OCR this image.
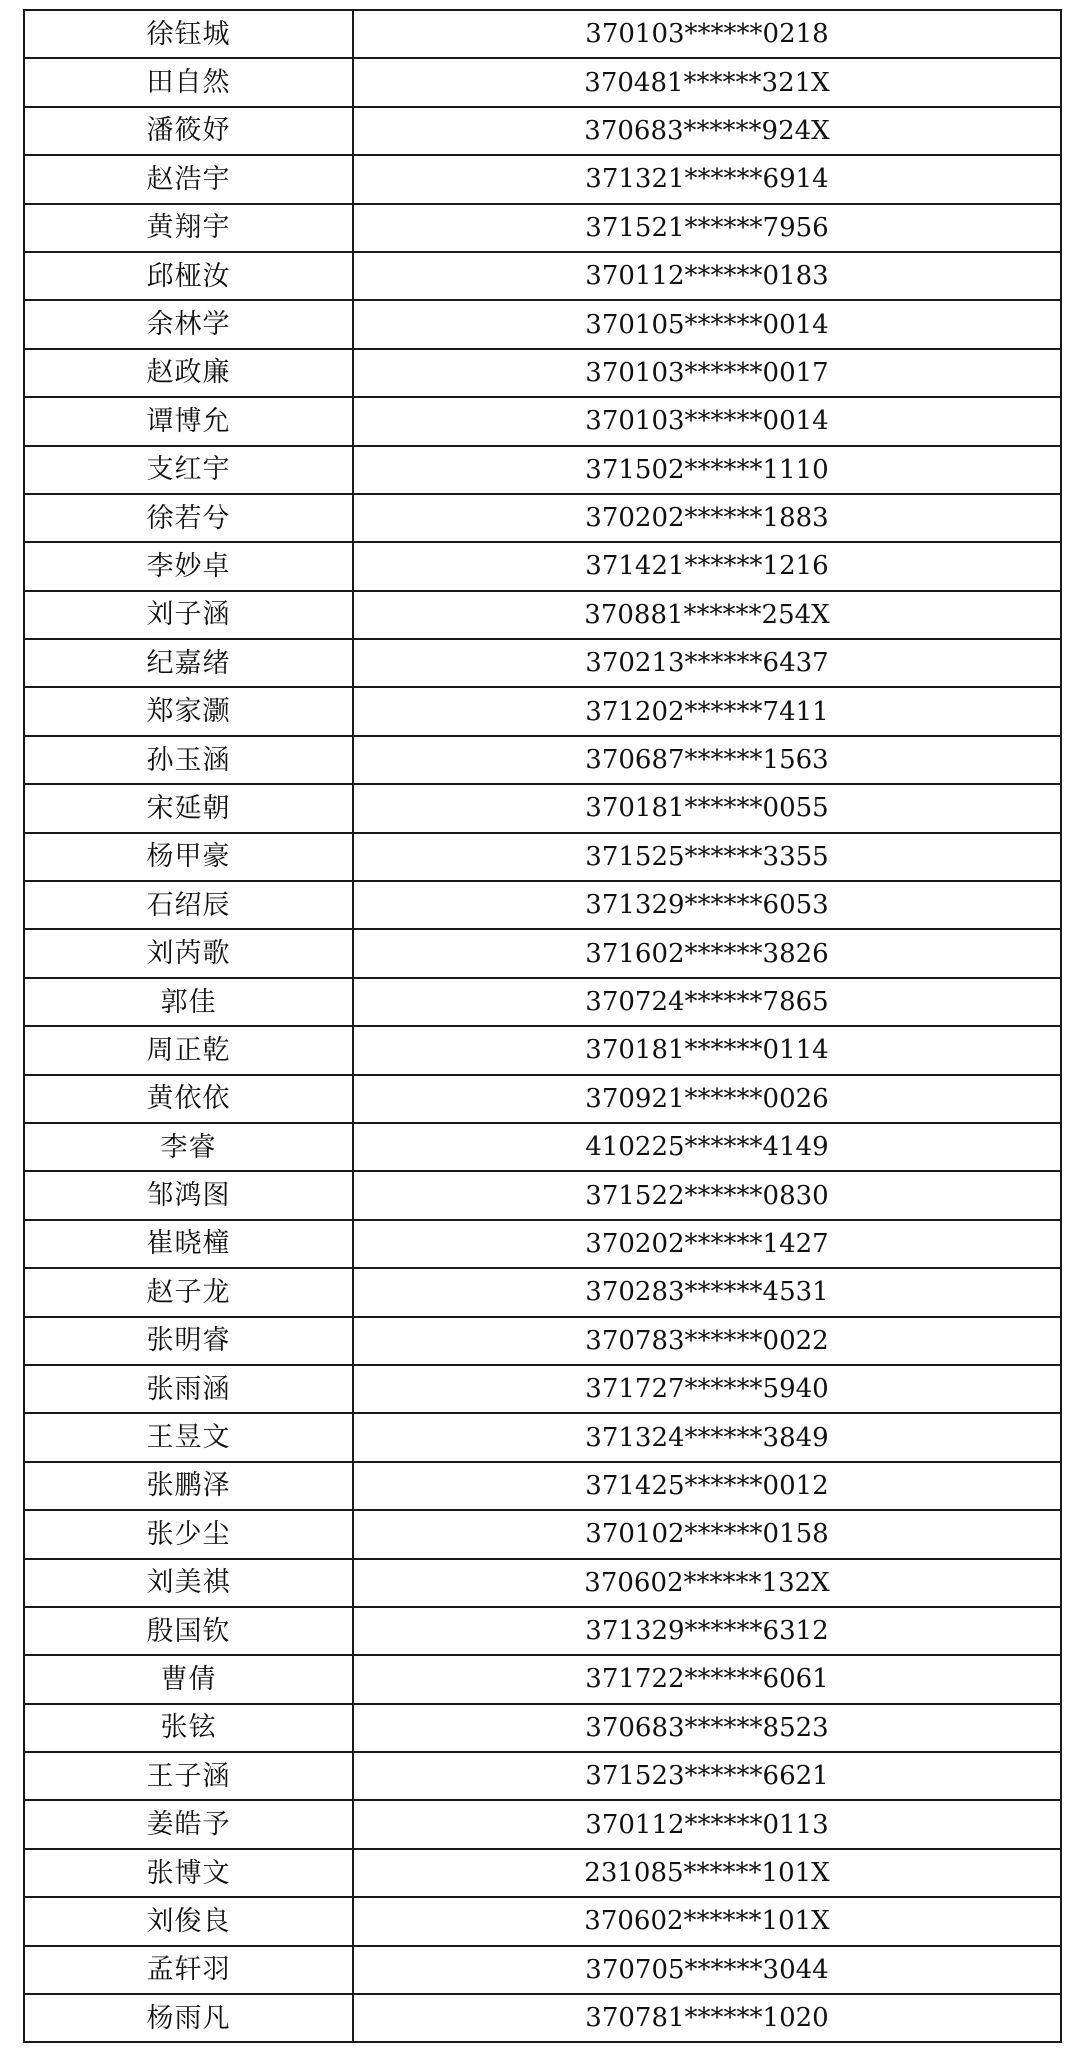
徐钰城	370103******0218
田自然	370481******321X
潘筱妤	370683******924X
赵浩宇	371321******6914
黄翔宇	371521******7956
邱桠汝	370112******0183
余林学	370105******0014
赵政廉	370103******0017
谭博允	370103******0014
支红宇	371502******1110
徐若兮	370202******1883
李妙卓	371421******1216
刘子涵	370881******254X
纪嘉绪	370213******6437
郑家灏	371202******7411
孙玉涵	370687******1563
宋延朝	370181******0055
杨甲豪	371525******3355
石绍辰	371329******6053
刘芮歌	371602******3826
郭佳	370724******7865
周正乾	370181******0114
黄依依	370921******0026
李睿	410225******4149
邹鸿图	371522******0830
崔晓橦	370202******1427
赵子龙	370283******4531
张明睿	370783******0022
张雨涵	371727******5940
王昱文	371324******3849
张鹏泽	371425******0012
张少尘	370102******0158
刘美祺	370602******132X
殷国钦	371329******6312
曹倩	371722******6061
张铉	370683******8523
王子涵	371523******6621
姜皓予	370112******0113
张博文	231085******101X
刘俊良	370602******101X
孟轩羽	370705******3044
杨雨凡	370781******1020
